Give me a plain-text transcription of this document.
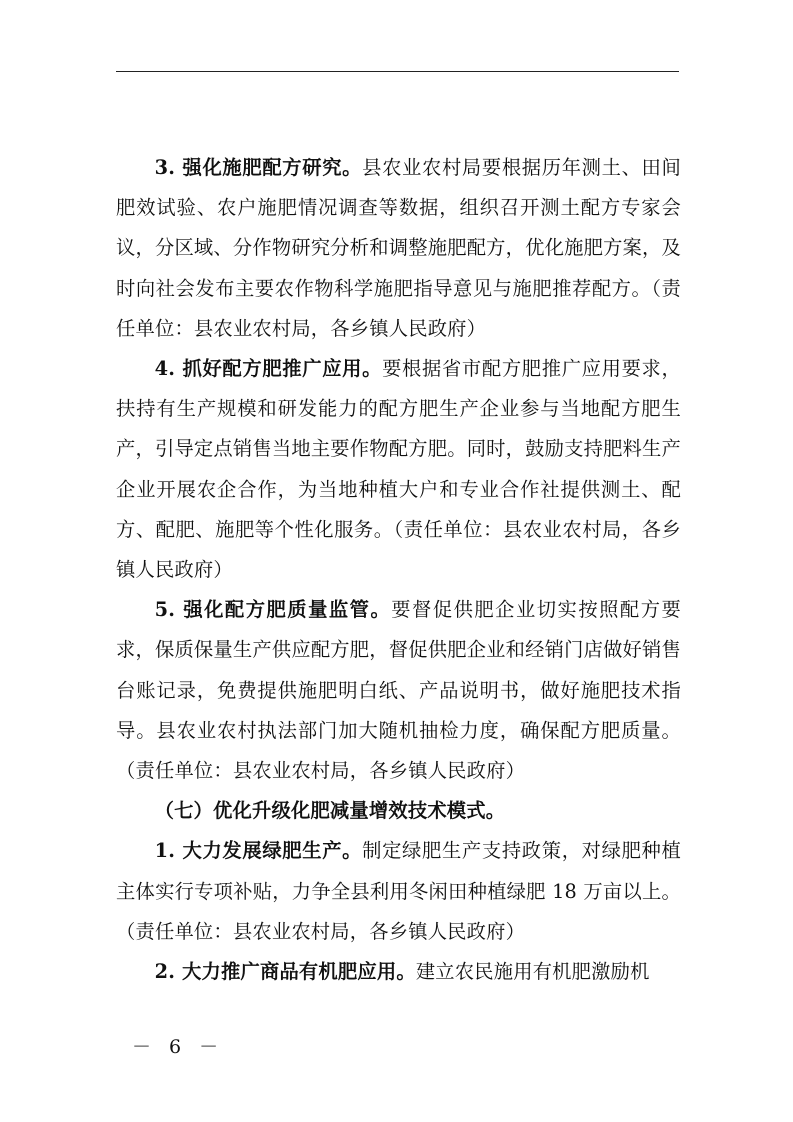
3. 强化施肥配方研究。县农业农村局要根据历年测土、田间肥效试验、农户施肥情况调查等数据，组织召开测土配方专家会议，分区域、分作物研究分析和调整施肥配方，优化施肥方案，及时向社会发布主要农作物科学施肥指导意见与施肥推荐配方。（责任单位：县农业农村局，各乡镇人民政府）

4. 抓好配方肥推广应用。要根据省市配方肥推广应用要求，扶持有生产规模和研发能力的配方肥生产企业参与当地配方肥生产，引导定点销售当地主要作物配方肥。同时，鼓励支持肥料生产企业开展农企合作，为当地种植大户和专业合作社提供测土、配方、配肥、施肥等个性化服务。（责任单位：县农业农村局，各乡镇人民政府）

5. 强化配方肥质量监管。要督促供肥企业切实按照配方要求，保质保量生产供应配方肥，督促供肥企业和经销门店做好销售台账记录，免费提供施肥明白纸、产品说明书，做好施肥技术指导。县农业农村执法部门加大随机抽检力度，确保配方肥质量。（责任单位：县农业农村局，各乡镇人民政府）

（七）优化升级化肥减量增效技术模式。

1. 大力发展绿肥生产。制定绿肥生产支持政策，对绿肥种植主体实行专项补贴，力争全县利用冬闲田种植绿肥 18 万亩以上。（责任单位：县农业农村局，各乡镇人民政府）

2. 大力推广商品有机肥应用。建立农民施用有机肥激励机

－ 6 －
